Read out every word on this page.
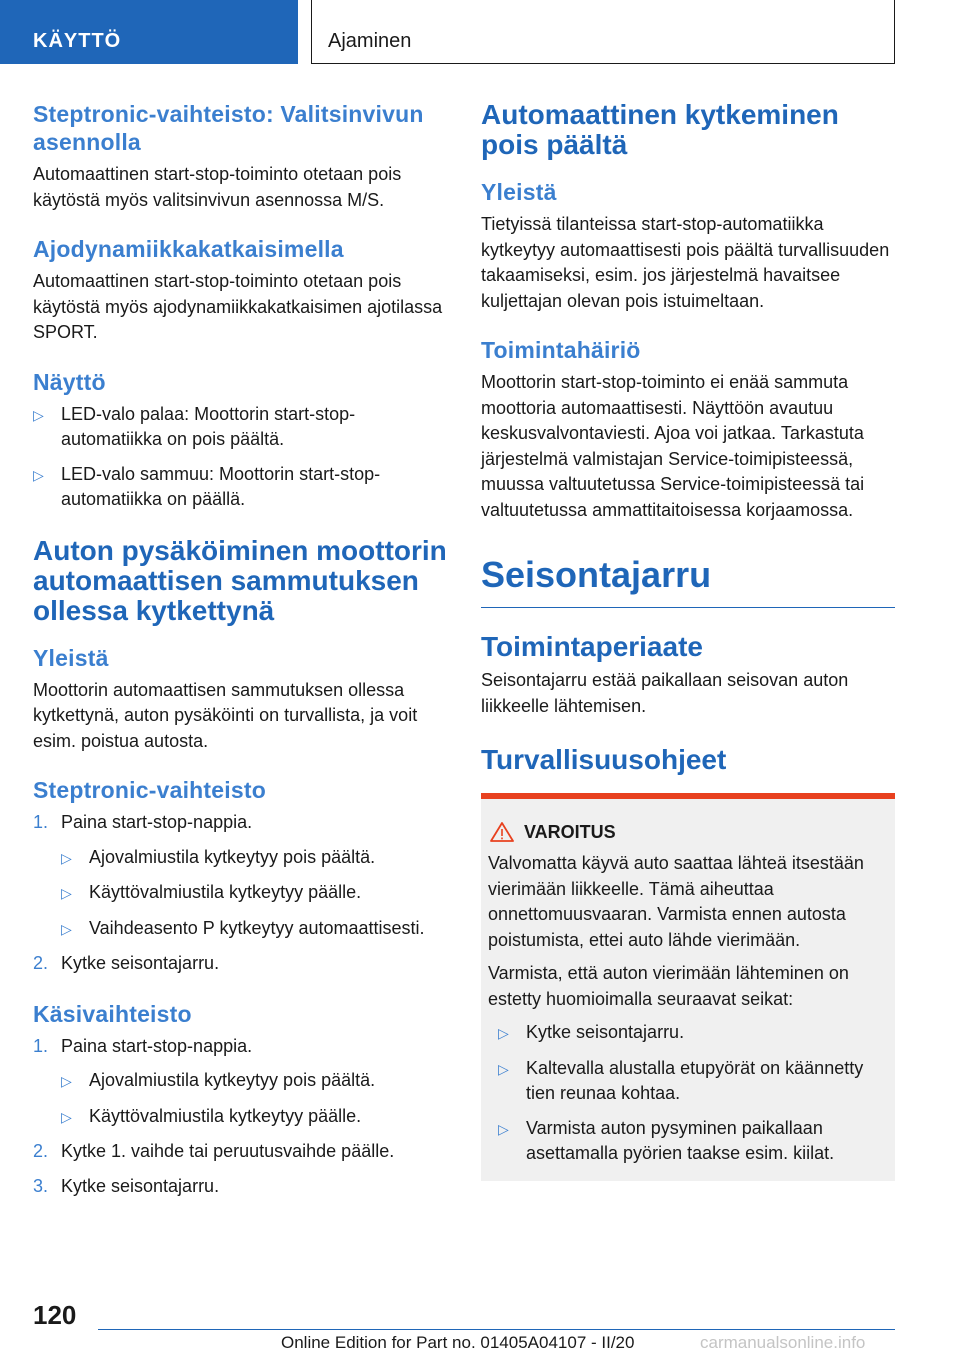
KÄYTTÖ	Ajaminen
Steptronic-vaihteisto: Valitsinvivun asennolla

Automaattinen start-stop-toiminto otetaan pois käytöstä myös valitsinvivun asennossa M/S.

Ajodynamiikkakatkaisimella

Automaattinen start-stop-toiminto otetaan pois käytöstä myös ajodynamiikkakatkaisimen ajotilassa SPORT.

Näyttö
▷ LED-valo palaa: Moottorin start-stop-automatiikka on pois päältä.
▷ LED-valo sammuu: Moottorin start-stop-automatiikka on päällä.
Auton pysäköiminen moottorin automaattisen sammutuksen ollessa kytkettynä
Yleistä

Moottorin automaattisen sammutuksen ollessa kytkettynä, auton pysäköinti on turvallista, ja voit esim. poistua autosta.

Steptronic-vaihteisto
1. Paina start-stop-nappia.
▷ Ajovalmiustila kytkeytyy pois päältä.
▷ Käyttövalmiustila kytkeytyy päälle.
▷ Vaihdeasento P kytkeytyy automaattisesti.
2. Kytke seisontajarru.
Käsivaihteisto
1. Paina start-stop-nappia.
▷ Ajovalmiustila kytkeytyy pois päältä.
▷ Käyttövalmiustila kytkeytyy päälle.
2. Kytke 1. vaihde tai peruutusvaihde päälle.
3. Kytke seisontajarru.
Automaattinen kytkeminen pois päältä
Yleistä

Tietyissä tilanteissa start-stop-automatiikka kytkeytyy automaattisesti pois päältä turvallisuuden takaamiseksi, esim. jos järjestelmä havaitsee kuljettajan olevan pois istuimeltaan.

Toimintahäiriö

Moottorin start-stop-toiminto ei enää sammuta moottoria automaattisesti. Näyttöön avautuu keskusvalvontaviesti. Ajoa voi jatkaa. Tarkastuta järjestelmä valmistajan Service-toimipisteessä, muussa valtuutetussa Service-toimipisteessä tai valtuutetussa ammattitaitoisessa korjaamossa.

Seisontajarru
Toimintaperiaate

Seisontajarru estää paikallaan seisovan auton liikkeelle lähtemisen.

Turvallisuusohjeet
VAROITUS

Valvomatta käyvä auto saattaa lähteä itsestään vierimään liikkeelle. Tämä aiheuttaa onnettomuusvaaran. Varmista ennen autosta poistumista, ettei auto lähde vierimään.

Varmista, että auton vierimään lähteminen on estetty huomioimalla seuraavat seikat:

▷ Kytke seisontajarru.
▷ Kaltevalla alustalla etupyörät on käännetty tien reunaa kohtaa.
▷ Varmista auton pysyminen paikallaan asettamalla pyörien taakse esim. kiilat.
120
Online Edition for Part no. 01405A04107 - II/20	carmanualsonline.info
